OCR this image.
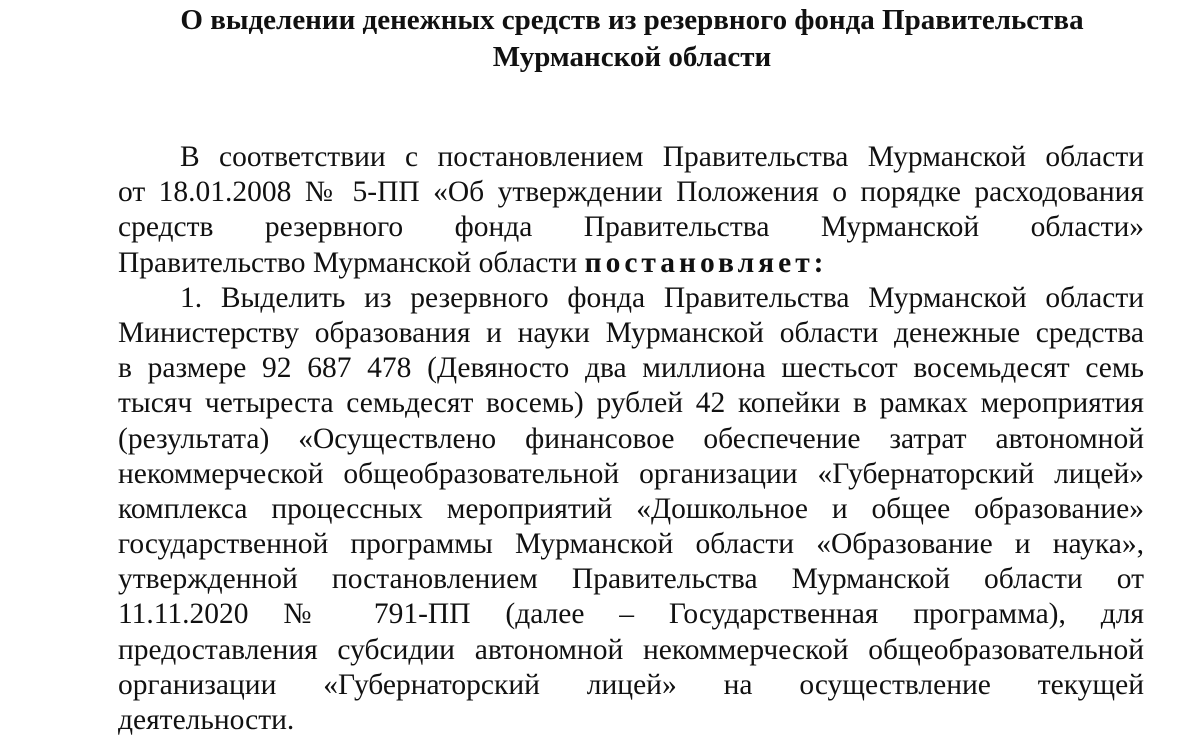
О выделении денежных средств из резервного фонда Правительства
Мурманской области
В соответствии с постановлением Правительства Мурманской области
от 18.01.2008 № 5-ПП «Об утверждении Положения о порядке расходования
средств резервного фонда Правительства Мурманской области»
Правительство Мурманской области постановляет:
1. Выделить из резервного фонда Правительства Мурманской области
Министерству образования и науки Мурманской области денежные средства
в размере 92 687 478 (Девяносто два миллиона шестьсот восемьдесят семь
тысяч четыреста семьдесят восемь) рублей 42 копейки в рамках мероприятия
(результата) «Осуществлено финансовое обеспечение затрат автономной
некоммерческой общеобразовательной организации «Губернаторский лицей»
комплекса процессных мероприятий «Дошкольное и общее образование»
государственной программы Мурманской области «Образование и наука»,
утвержденной постановлением Правительства Мурманской области от
11.11.2020 № 791-ПП (далее – Государственная программа), для
предоставления субсидии автономной некоммерческой общеобразовательной
организации «Губернаторский лицей» на осуществление текущей
деятельности.
